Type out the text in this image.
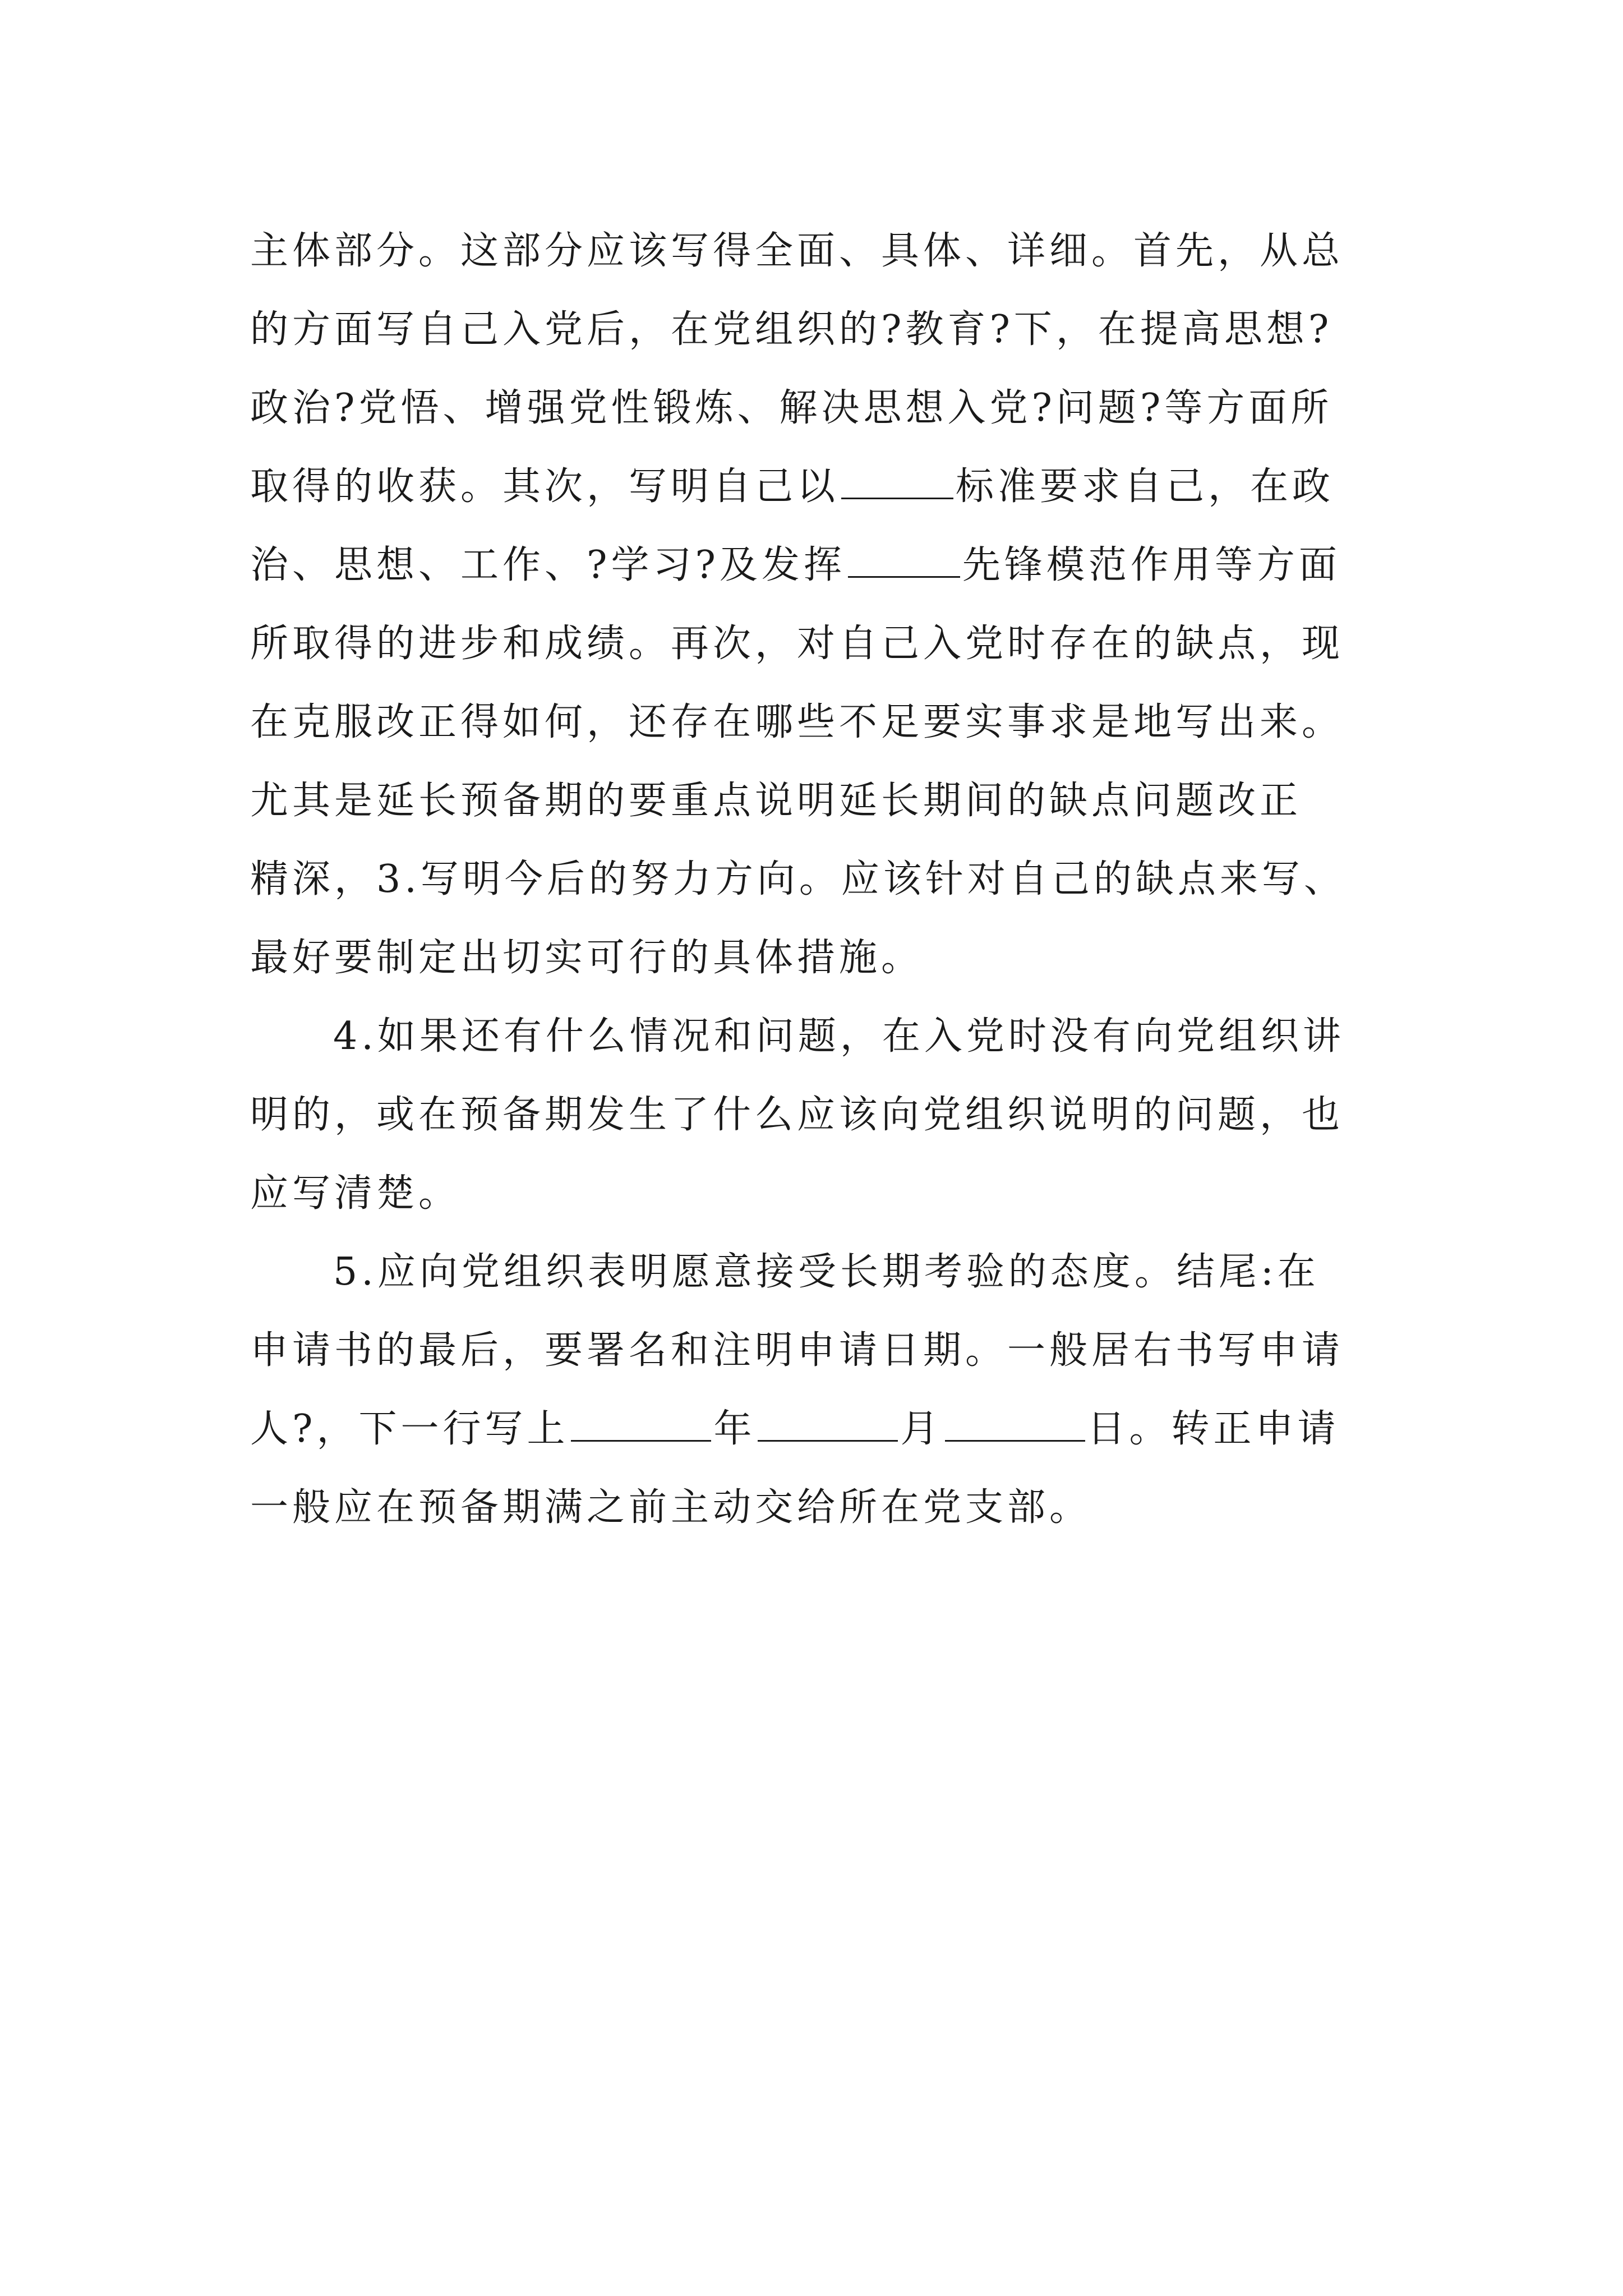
主体部分。这部分应该写得全面、具体、详细。首先，从总
的方面写自己入党后，在党组织的?教育?下，在提高思想?
政治?党悟、增强党性锻炼、解决思想入党?问题?等方面所
取得的收获。其次，写明自己以	标准要求自己，在政
治、思想、工作、?学习?及发挥	先锋模范作用等方面
所取得的进步和成绩。再次，对自己入党时存在的缺点，现
在克服改正得如何，还存在哪些不足要实事求是地写出来。
尤其是延长预备期的要重点说明延长期间的缺点问题改正
精深，3.写明今后的努力方向。应该针对自己的缺点来写、
最好要制定出切实可行的具体措施。
4.如果还有什么情况和问题，在入党时没有向党组织讲
明的，或在预备期发生了什么应该向党组织说明的问题，也
应写清楚。
5.应向党组织表明愿意接受长期考验的态度。结尾:在
申请书的最后，要署名和注明申请日期。一般居右书写申请
人?，下一行写上	年	月	日。转正申请
一般应在预备期满之前主动交给所在党支部。
